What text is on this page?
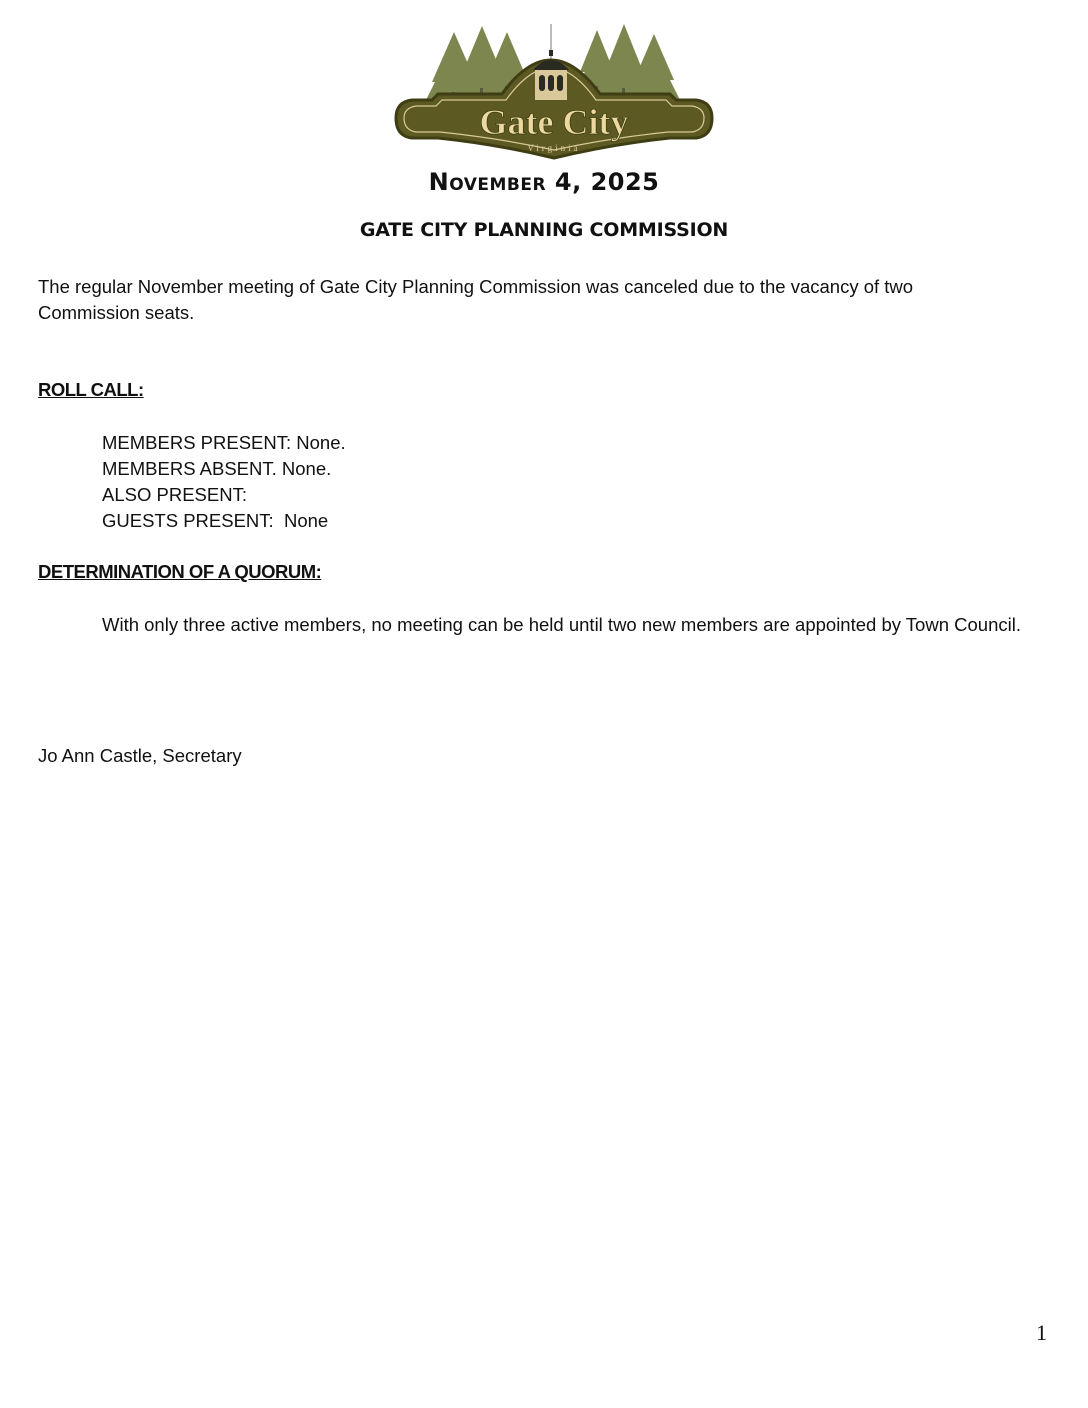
Gate City
Virginia
November 4, 2025
GATE CITY PLANNING COMMISSION
The regular November meeting of Gate City Planning Commission was canceled due to the vacancy of two Commission seats.
ROLL CALL:
MEMBERS PRESENT: None.
MEMBERS ABSENT. None.
ALSO PRESENT:
GUESTS PRESENT:  None
DETERMINATION OF A QUORUM:
With only three active members, no meeting can be held until two new members are appointed by Town Council.
Jo Ann Castle, Secretary
1
